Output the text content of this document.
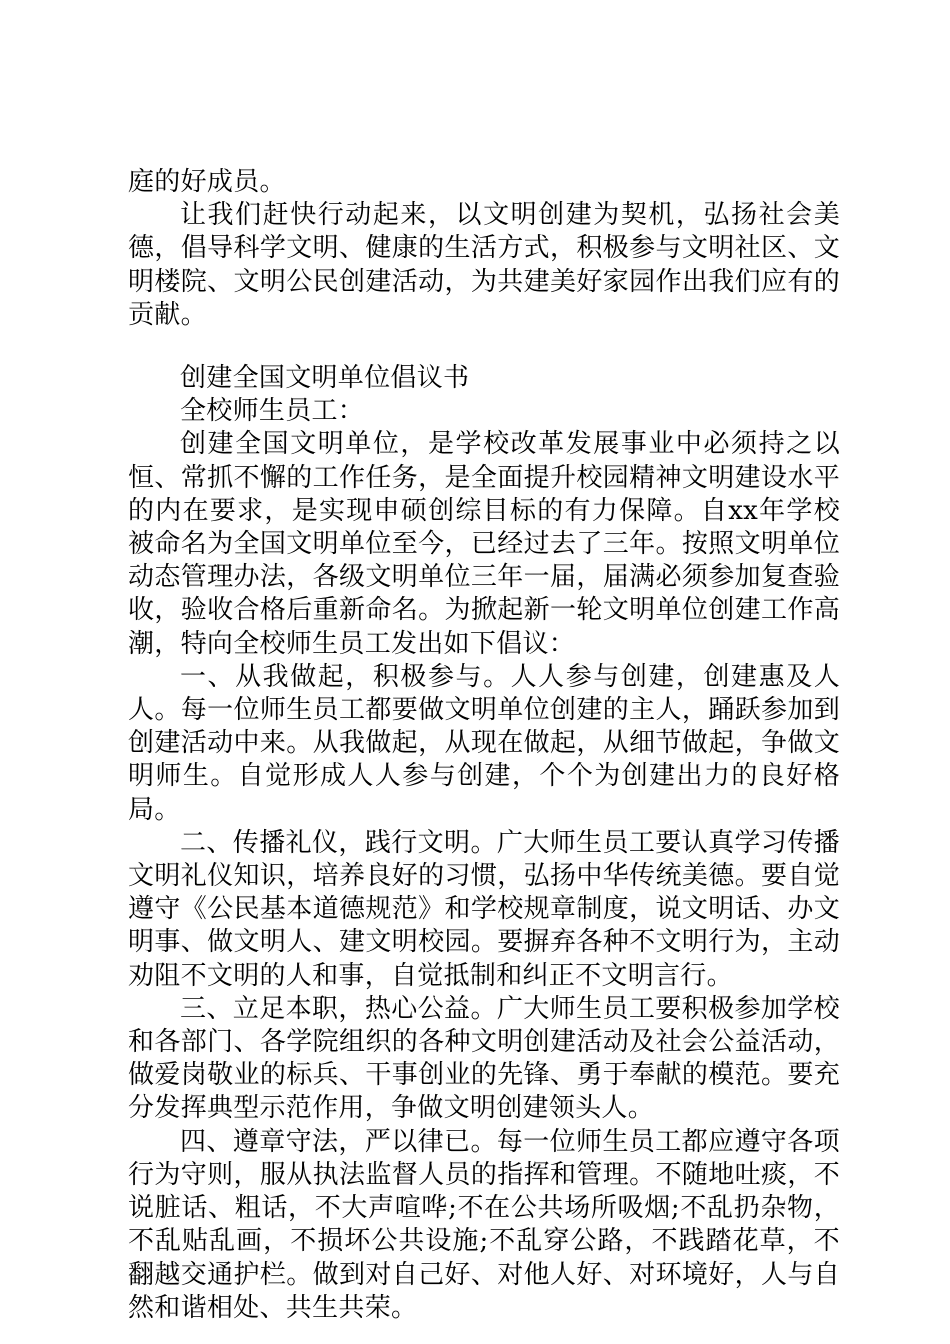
庭的好成员。

让我们赶快行动起来，以文明创建为契机，弘扬社会美德，倡导科学文明、健康的生活方式，积极参与文明社区、文明楼院、文明公民创建活动，为共建美好家园作出我们应有的贡献。

创建全国文明单位倡议书

全校师生员工：

创建全国文明单位，是学校改革发展事业中必须持之以恒、常抓不懈的工作任务，是全面提升校园精神文明建设水平的内在要求，是实现申硕创综目标的有力保障。自xx年学校被命名为全国文明单位至今，已经过去了三年。按照文明单位动态管理办法，各级文明单位三年一届，届满必须参加复查验收，验收合格后重新命名。为掀起新一轮文明单位创建工作高潮，特向全校师生员工发出如下倡议：

一、从我做起，积极参与。人人参与创建，创建惠及人人。每一位师生员工都要做文明单位创建的主人，踊跃参加到创建活动中来。从我做起，从现在做起，从细节做起，争做文明师生。自觉形成人人参与创建，个个为创建出力的良好格局。

二、传播礼仪，践行文明。广大师生员工要认真学习传播文明礼仪知识，培养良好的习惯，弘扬中华传统美德。要自觉遵守《公民基本道德规范》和学校规章制度，说文明话、办文明事、做文明人、建文明校园。要摒弃各种不文明行为，主动劝阻不文明的人和事，自觉抵制和纠正不文明言行。

三、立足本职，热心公益。广大师生员工要积极参加学校和各部门、各学院组织的各种文明创建活动及社会公益活动，做爱岗敬业的标兵、干事创业的先锋、勇于奉献的模范。要充分发挥典型示范作用，争做文明创建领头人。

四、遵章守法，严以律已。每一位师生员工都应遵守各项行为守则，服从执法监督人员的指挥和管理。不随地吐痰，不说脏话、粗话，不大声喧哗;不在公共场所吸烟;不乱扔杂物，不乱贴乱画，不损坏公共设施;不乱穿公路，不践踏花草，不翻越交通护栏。做到对自己好、对他人好、对环境好，人与自然和谐相处、共生共荣。
